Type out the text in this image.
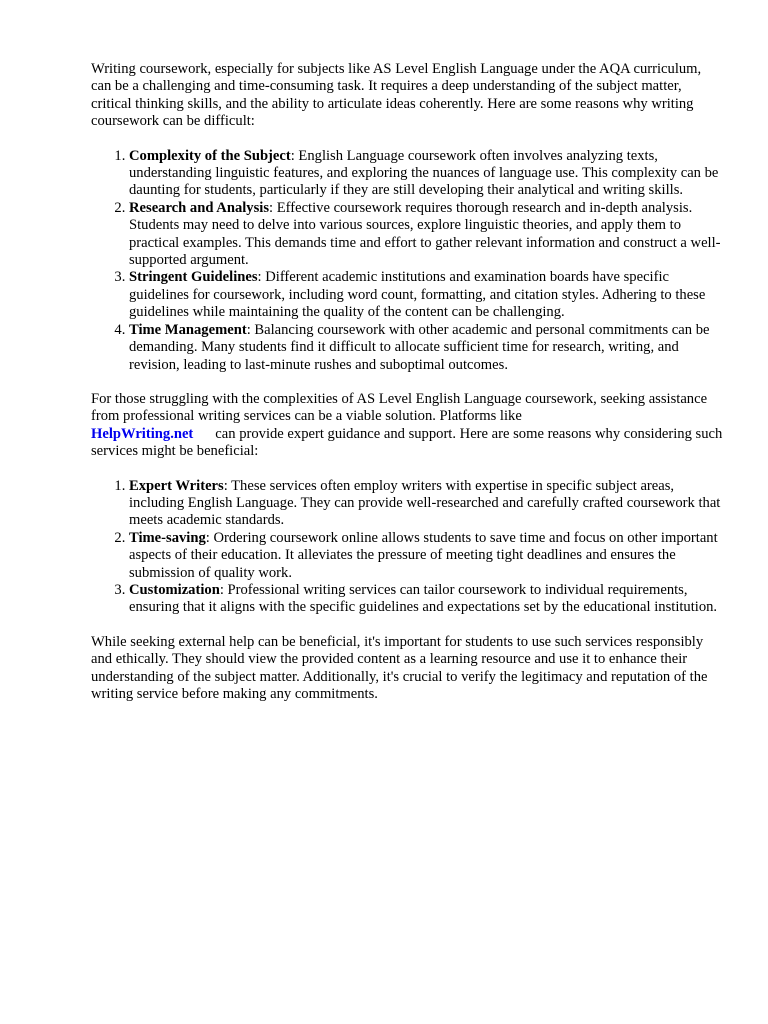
Writing coursework, especially for subjects like AS Level English Language under the AQA curriculum, can be a challenging and time-consuming task. It requires a deep understanding of the subject matter, critical thinking skills, and the ability to articulate ideas coherently. Here are some reasons why writing coursework can be difficult:

1. Complexity of the Subject: English Language coursework often involves analyzing texts, understanding linguistic features, and exploring the nuances of language use. This complexity can be daunting for students, particularly if they are still developing their analytical and writing skills.
2. Research and Analysis: Effective coursework requires thorough research and in-depth analysis. Students may need to delve into various sources, explore linguistic theories, and apply them to practical examples. This demands time and effort to gather relevant information and construct a well-supported argument.
3. Stringent Guidelines: Different academic institutions and examination boards have specific guidelines for coursework, including word count, formatting, and citation styles. Adhering to these guidelines while maintaining the quality of the content can be challenging.
4. Time Management: Balancing coursework with other academic and personal commitments can be demanding. Many students find it difficult to allocate sufficient time for research, writing, and revision, leading to last-minute rushes and suboptimal outcomes.

For those struggling with the complexities of AS Level English Language coursework, seeking assistance from professional writing services can be a viable solution. Platforms like
HelpWriting.net can provide expert guidance and support. Here are some reasons why considering such services might be beneficial:

1. Expert Writers: These services often employ writers with expertise in specific subject areas, including English Language. They can provide well-researched and carefully crafted coursework that meets academic standards.
2. Time-saving: Ordering coursework online allows students to save time and focus on other important aspects of their education. It alleviates the pressure of meeting tight deadlines and ensures the submission of quality work.
3. Customization: Professional writing services can tailor coursework to individual requirements, ensuring that it aligns with the specific guidelines and expectations set by the educational institution.

While seeking external help can be beneficial, it's important for students to use such services responsibly and ethically. They should view the provided content as a learning resource and use it to enhance their understanding of the subject matter. Additionally, it's crucial to verify the legitimacy and reputation of the writing service before making any commitments.
